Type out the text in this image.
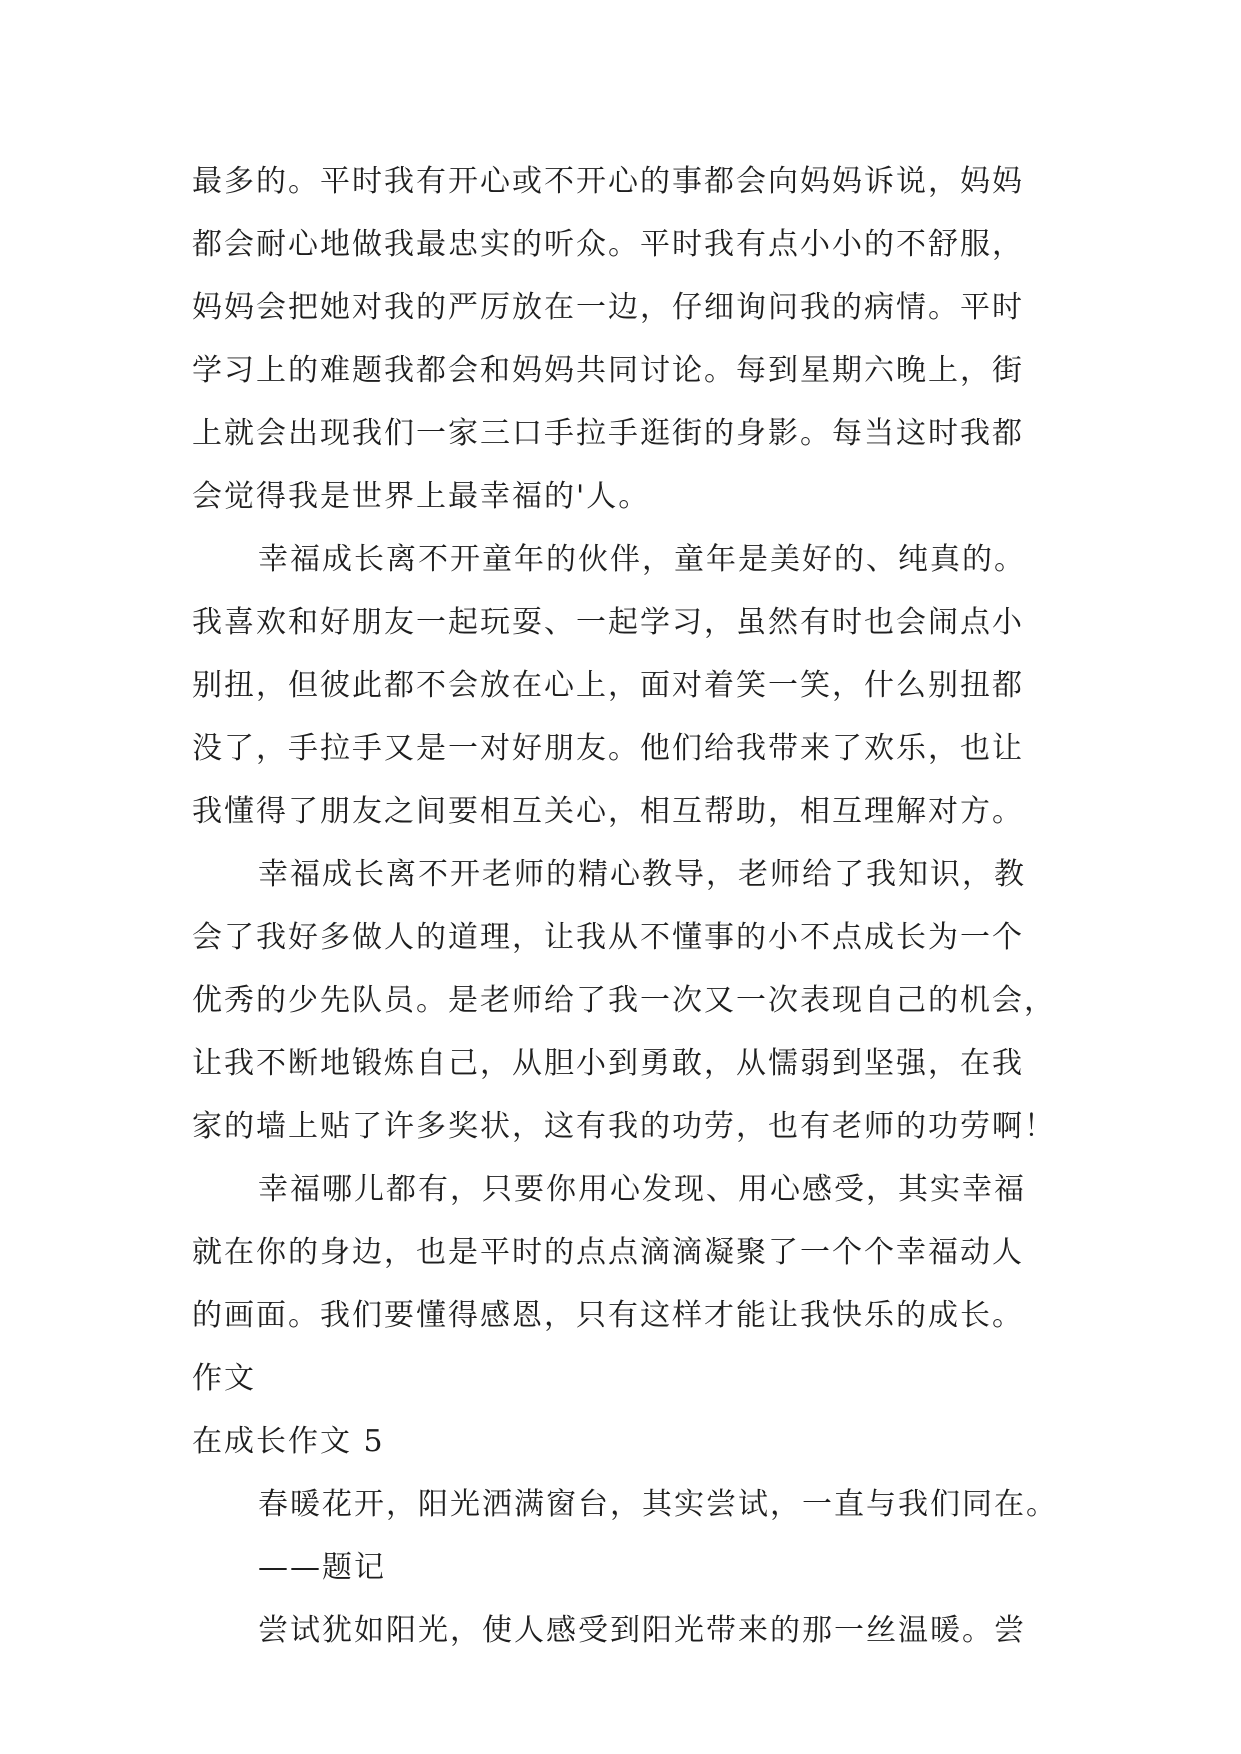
最多的。平时我有开心或不开心的事都会向妈妈诉说，妈妈
都会耐心地做我最忠实的听众。平时我有点小小的不舒服，
妈妈会把她对我的严厉放在一边，仔细询问我的病情。平时
学习上的难题我都会和妈妈共同讨论。每到星期六晚上，街
上就会出现我们一家三口手拉手逛街的身影。每当这时我都
会觉得我是世界上最幸福的'人。
幸福成长离不开童年的伙伴，童年是美好的、纯真的。
我喜欢和好朋友一起玩耍、一起学习，虽然有时也会闹点小
别扭，但彼此都不会放在心上，面对着笑一笑，什么别扭都
没了，手拉手又是一对好朋友。他们给我带来了欢乐，也让
我懂得了朋友之间要相互关心，相互帮助，相互理解对方。
幸福成长离不开老师的精心教导，老师给了我知识，教
会了我好多做人的道理，让我从不懂事的小不点成长为一个
优秀的少先队员。是老师给了我一次又一次表现自己的机会，
让我不断地锻炼自己，从胆小到勇敢，从懦弱到坚强，在我
家的墙上贴了许多奖状，这有我的功劳，也有老师的功劳啊！
幸福哪儿都有，只要你用心发现、用心感受，其实幸福
就在你的身边，也是平时的点点滴滴凝聚了一个个幸福动人
的画面。我们要懂得感恩，只有这样才能让我快乐的成长。
作文
在成长作文 5
春暖花开，阳光洒满窗台，其实尝试，一直与我们同在。
——题记
尝试犹如阳光，使人感受到阳光带来的那一丝温暖。尝
